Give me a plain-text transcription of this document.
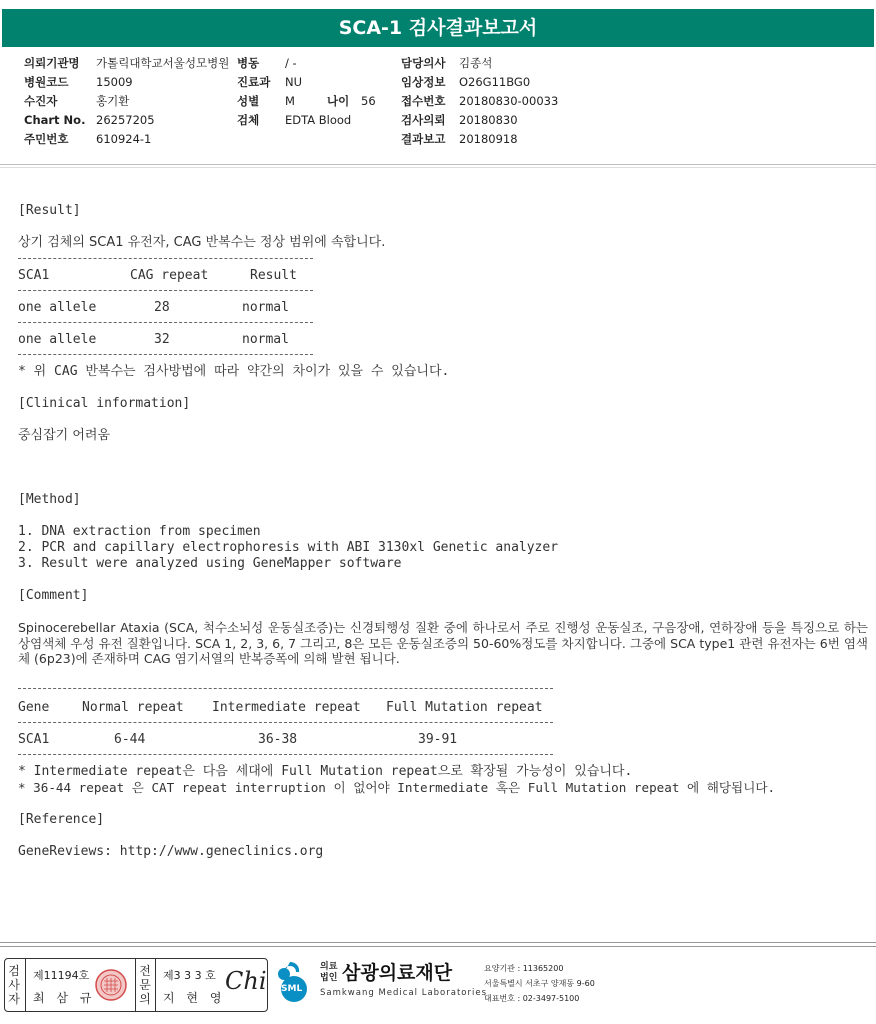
SCA-1 검사결과보고서
의뢰기관명 가톨릭대학교서울성모병원
병원코드 15009
수진자	홍기환
Chart No. 26257205
주민번호 610924-1
병동 / -
진료과 NU
성별 M	나이 56
검체 EDTA Blood
담당의사 김종석
임상정보 O26G11BG0
접수번호 20180830-00033
검사의뢰 20180830
결과보고 20180918
[Result]
상기 검체의 SCA1 유전자, CAG 반복수는 정상 범위에 속합니다.
SCA1	CAG repeat	Result
one allele	28	normal
one allele	32	normal
* 위 CAG 반복수는 검사방법에 따라 약간의 차이가 있을 수 있습니다.
[Clinical information]
중심잡기 어려움
[Method]
1. DNA extraction from specimen
2. PCR and capillary electrophoresis with ABI 3130xl Genetic analyzer
3. Result were analyzed using GeneMapper software
[Comment]
Spinocerebellar Ataxia (SCA, 척수소뇌성 운동실조증)는 신경퇴행성 질환 중에 하나로서 주로 진행성 운동실조, 구음장애, 연하장애 등을 특징으로 하는 상염색체 우성 유전 질환입니다. SCA 1, 2, 3, 6, 7 그리고, 8은 모든 운동실조증의 50-60%정도를 차지합니다. 그중에 SCA type1 관련 유전자는 6번 염색체 (6p23)에 존재하며 CAG 염기서열의 반복증폭에 의해 발현 됩니다.
Gene	Normal repeat Intermediate repeat Full Mutation repeat
SCA1	6-44	36-38	39-91
* Intermediate repeat은 다음 세대에 Full Mutation repeat으로 확장될 가능성이 있습니다.
* 36-44 repeat 은 CAT repeat interruption 이 없어야 Intermediate 혹은 Full Mutation repeat 에 해당됩니다.
[Reference]
GeneReviews: http://www.geneclinics.org
검사자
제11194호
최 삼 규
전문의
제3 3 3 호
지 현 영
Chi SML
의료
법인 삼광의료재단
Samkwang Medical Laboratories
요양기관 : 11365200
서울특별시 서초구 양재동 9-60
대표번호 : 02-3497-5100
